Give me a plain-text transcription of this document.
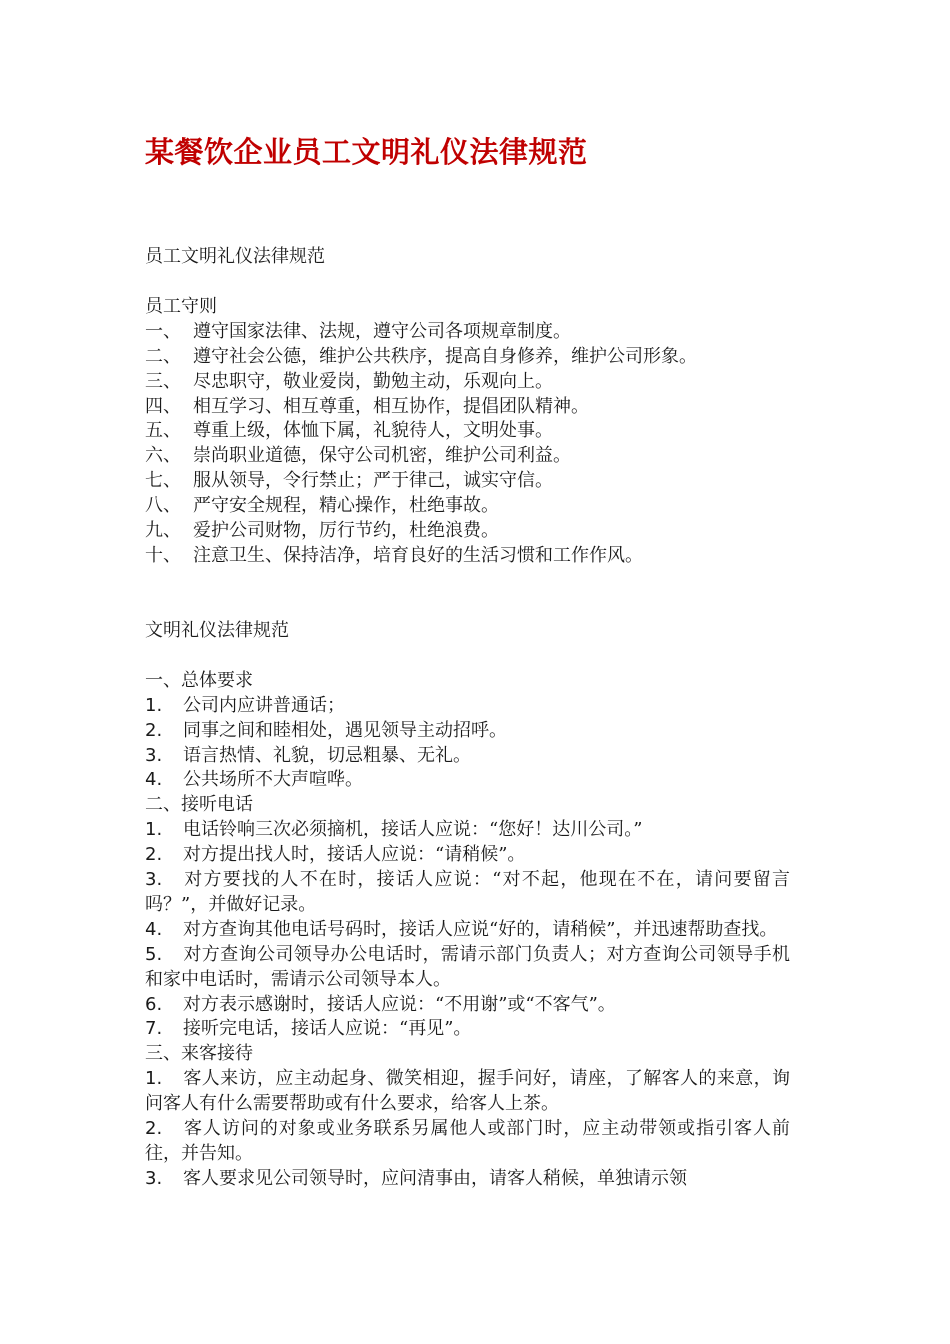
某餐饮企业员工文明礼仪法律规范

员工文明礼仪法律规范

员工守则

一、 遵守国家法律、法规，遵守公司各项规章制度。
二、 遵守社会公德，维护公共秩序，提高自身修养，维护公司形象。
三、 尽忠职守，敬业爱岗，勤勉主动，乐观向上。
四、 相互学习、相互尊重，相互协作，提倡团队精神。
五、 尊重上级，体恤下属，礼貌待人，文明处事。
六、 崇尚职业道德，保守公司机密，维护公司利益。
七、 服从领导，令行禁止；严于律己，诚实守信。
八、 严守安全规程，精心操作，杜绝事故。
九、 爱护公司财物，厉行节约，杜绝浪费。
十、 注意卫生、保持洁净，培育良好的生活习惯和工作作风。

文明礼仪法律规范

一、总体要求

1. 公司内应讲普通话；

2. 同事之间和睦相处，遇见领导主动招呼。

3. 语言热情、礼貌，切忌粗暴、无礼。

4. 公共场所不大声喧哗。

二、接听电话

1. 电话铃响三次必须摘机，接话人应说：“您好！达川公司。”

2. 对方提出找人时，接话人应说：“请稍候”。

3. 对方要找的人不在时，接话人应说：“对不起，他现在不在，请问要留言吗？”，并做好记录。

4. 对方查询其他电话号码时，接话人应说“好的，请稍候”，并迅速帮助查找。

5. 对方查询公司领导办公电话时，需请示部门负责人；对方查询公司领导手机和家中电话时，需请示公司领导本人。

6. 对方表示感谢时，接话人应说：“不用谢”或“不客气”。

7. 接听完电话，接话人应说：“再见”。

三、来客接待

1. 客人来访，应主动起身、微笑相迎，握手问好，请座，了解客人的来意，询问客人有什么需要帮助或有什么要求，给客人上茶。

2. 客人访问的对象或业务联系另属他人或部门时，应主动带领或指引客人前往，并告知。

3. 客人要求见公司领导时，应问清事由，请客人稍候，单独请示领
